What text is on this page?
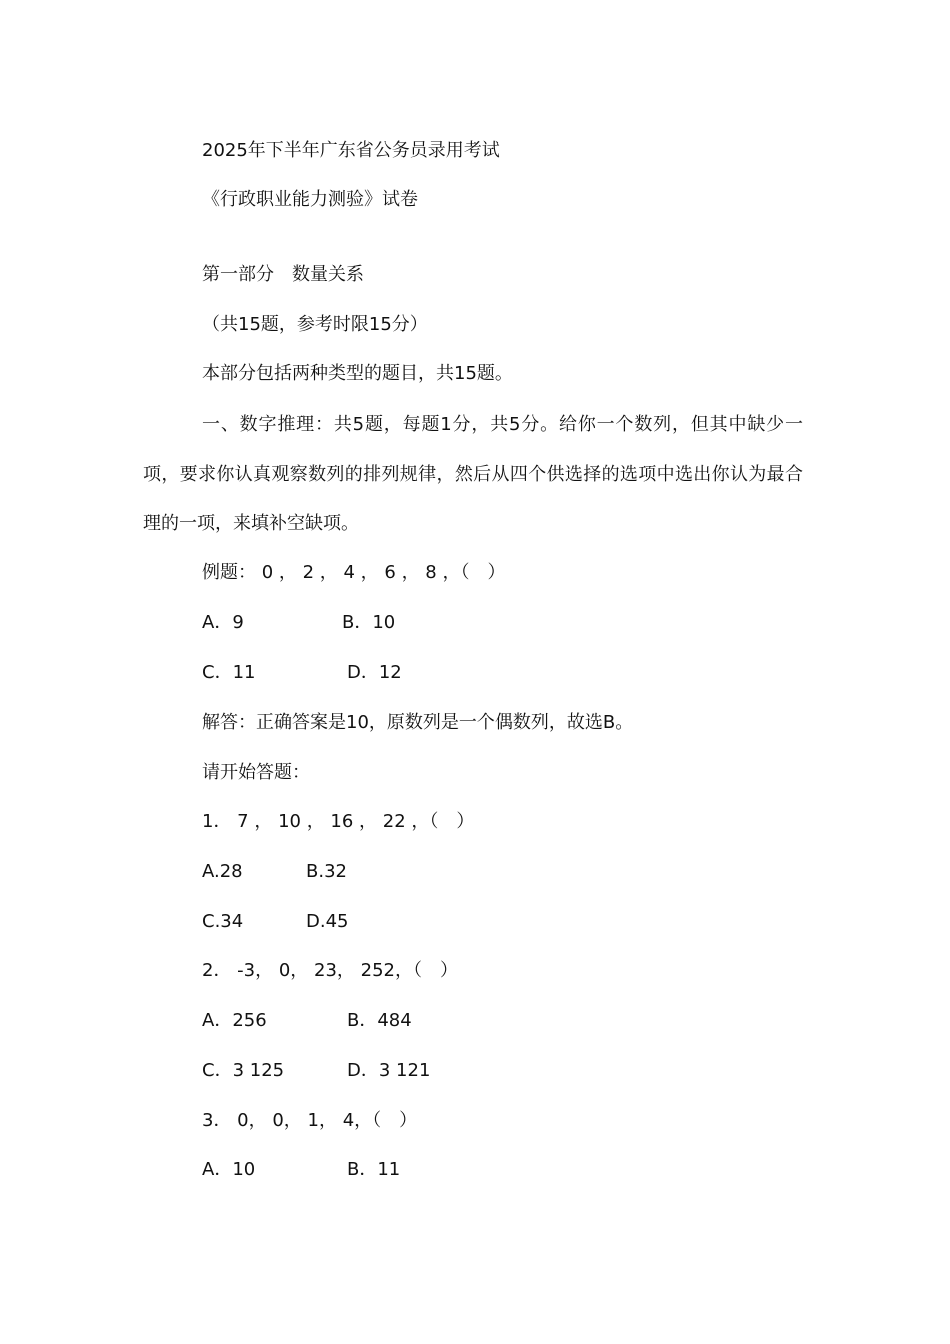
2025年下半年广东省公务员录用考试
《行政职业能力测验》试卷
第一部分　数量关系
（共15题，参考时限15分）
本部分包括两种类型的题目，共15题。
一、数字推理：共5题，每题1分，共5分。给你一个数列，但其中缺少一项，要求你认真观察数列的排列规律，然后从四个供选择的选项中选出你认为最合理的一项，来填补空缺项。
例题： 0 ， 2 ， 4 ， 6 ， 8 ，（　）
A．9	B．10
C．11	D．12
解答：正确答案是10，原数列是一个偶数列，故选B。
请开始答题：
1． 7 ， 10 ， 16 ， 22 ，（　）
A.28	B.32
C.34	D.45
2． -3， 0， 23， 252，（　）
A．256	B．484
C．3 125	D．3 121
3． 0， 0， 1， 4，（　）
A．10	B．11
